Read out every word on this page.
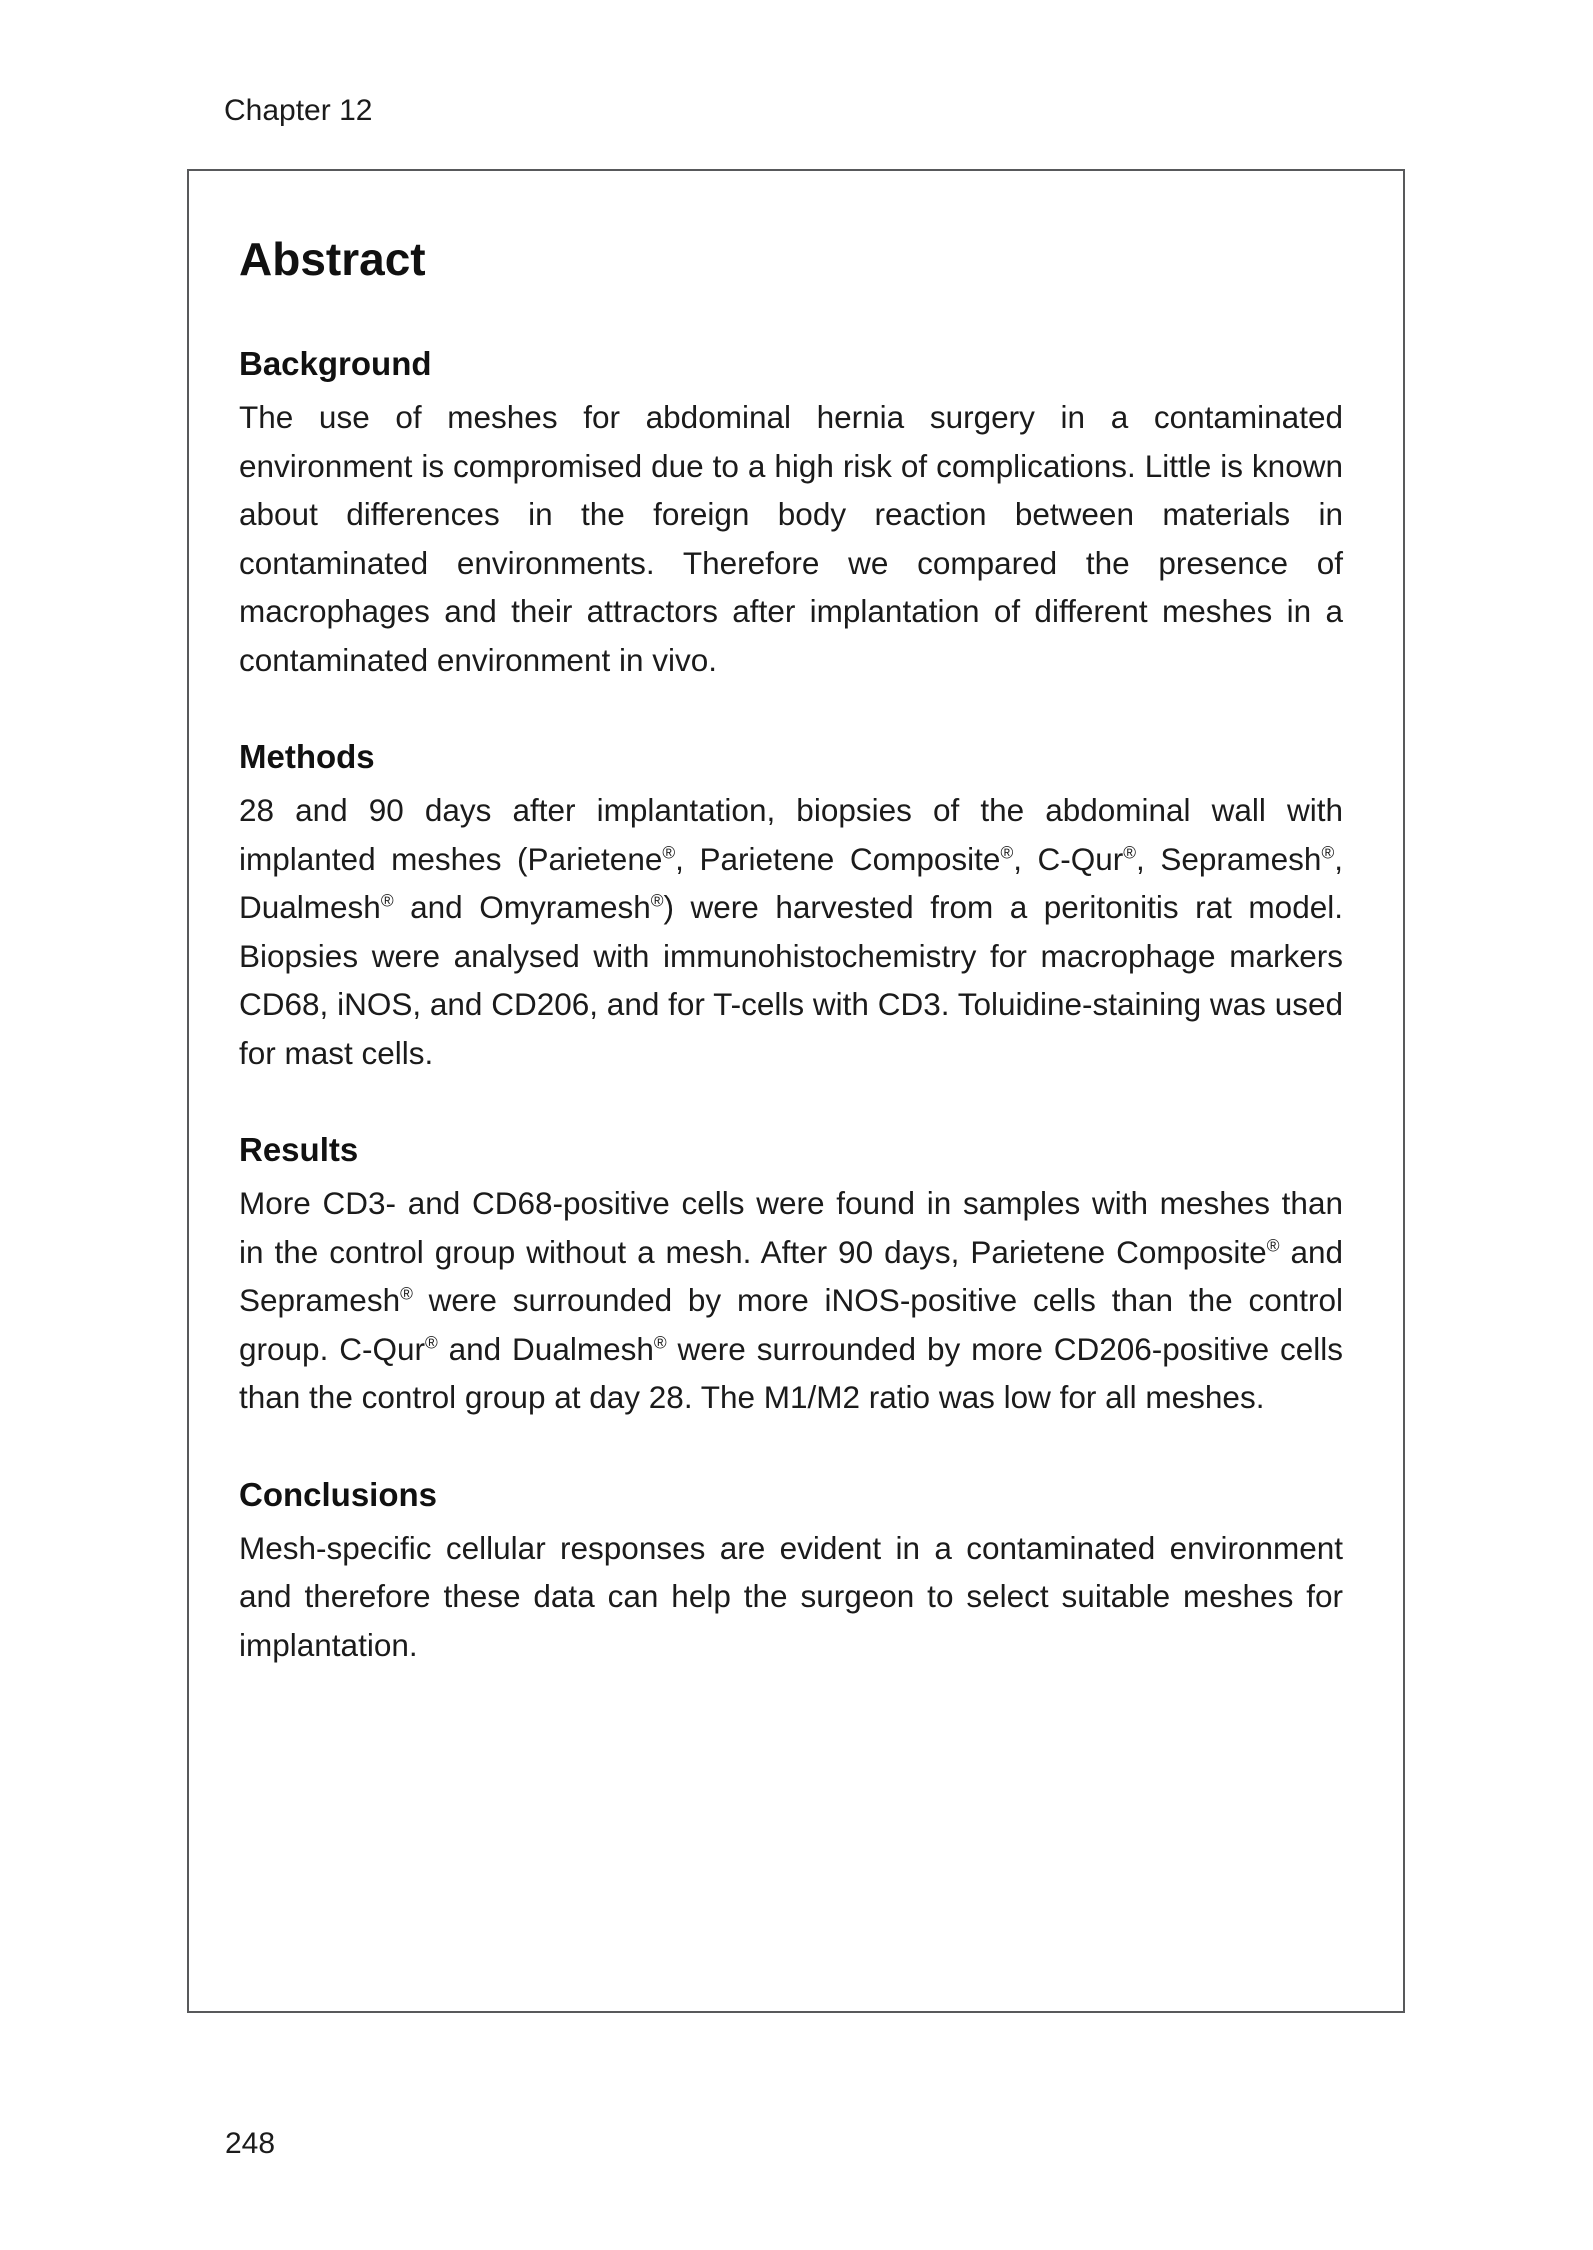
Chapter 12
Abstract
Background

The use of meshes for abdominal hernia surgery in a contaminated environment is compromised due to a high risk of complications. Little is known about differences in the foreign body reaction between materials in contaminated environments. Therefore we compared the presence of macrophages and their attractors after implantation of different meshes in a contaminated environment in vivo.

Methods

28 and 90 days after implantation, biopsies of the abdominal wall with implanted meshes (Parietene®, Parietene Composite®, C-Qur®, Sepramesh®, Dualmesh® and Omyramesh®) were harvested from a peritonitis rat model. Biopsies were analysed with immunohistochemistry for macrophage markers CD68, iNOS, and CD206, and for T-cells with CD3. Toluidine-staining was used for mast cells.

Results

More CD3- and CD68-positive cells were found in samples with meshes than in the control group without a mesh. After 90 days, Parietene Composite® and Sepramesh® were surrounded by more iNOS-positive cells than the control group. C-Qur® and Dualmesh® were surrounded by more CD206-positive cells than the control group at day 28. The M1/M2 ratio was low for all meshes.

Conclusions

Mesh-specific cellular responses are evident in a contaminated environment and therefore these data can help the surgeon to select suitable meshes for implantation.

248
